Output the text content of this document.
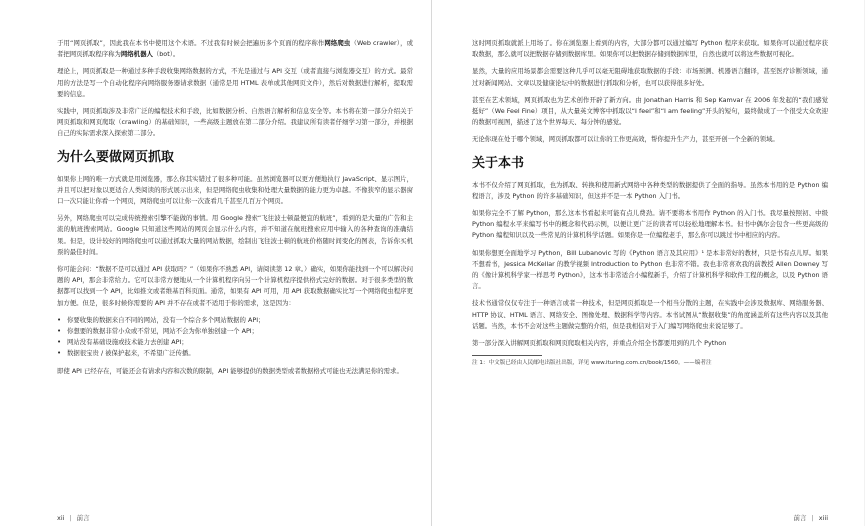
于用“网页抓取”，因此我在本书中使用这个术语。不过我有时候会把遍历多个页面的程序称作网络爬虫（Web crawler），或者把网页抓取程序称为网络机器人（bot）。

理论上，网页抓取是一种通过多种手段收集网络数据的方式，不光是通过与 API 交互（或者直接与浏览器交互）的方式。最常用的方法是写一个自动化程序向网络服务器请求数据（通常是用 HTML 表单或其他网页文件），然后对数据进行解析，提取需要的信息。

实践中，网页抓取涉及非常广泛的编程技术和手段，比如数据分析、自然语言解析和信息安全等。本书将在第一部分介绍关于网页抓取和网页爬取（crawling）的基础知识，一些高级主题放在第二部分介绍。我建议所有读者仔细学习第一部分，并根据自己的实际需求深入探索第二部分。

为什么要做网页抓取

如果你上网的唯一方式就是用浏览器，那么你其实错过了很多种可能。虽然浏览器可以更方便地执行 JavaScript、显示图片，并且可以把对象以更适合人类阅读的形式展示出来，但是网络爬虫收集和处理大量数据的能力更为卓越。不像狭窄的显示器窗口一次只能让你看一个网页，网络爬虫可以让你一次查看几千甚至几百万个网页。

另外，网络爬虫可以完成传统搜索引擎不能做的事情。用 Google 搜索“飞往波士顿最便宜的航班”，看到的是大量的广告和主流的航班搜索网站。Google 只知道这些网站的网页会显示什么内容，并不知道在航班搜索应用中输入的各种查询的准确结果。但是，设计较好的网络爬虫可以通过抓取大量的网站数据，绘制出飞往波士顿的航班价格随时间变化的图表，告诉你买机票的最佳时间。

你可能会问：“数据不是可以通过 API 获取吗？”（如果你不熟悉 API，请阅读第 12 章。）确实，如果你能找到一个可以解决问题的 API，那会非常给力。它可以非常方便地从一个计算机程序向另一个计算机程序提供格式完好的数据。对于很多类型的数据都可以找到一个 API，比如推文或者维基百科页面。通常，如果有 API 可用，用 API 获取数据确实比写一个网络爬虫程序更加方便。但是，很多时候你需要的 API 并不存在或者不适用于你的需求，这是因为：

• 你要收集的数据来自不同的网站，没有一个综合多个网站数据的 API；
• 你想要的数据非常小众或不常见，网站不会为你单独创建一个 API；
• 网站没有基础设施或技术能力去创建 API；
• 数据很宝贵 / 被保护起来，不希望广泛传播。

即使 API 已经存在，可能还会有请求内容和次数的限制，API 能够提供的数据类型或者数据格式可能也无法满足你的需求。

xii | 前言

这时网页抓取就派上用场了。你在浏览器上看到的内容，大部分都可以通过编写 Python 程序来获取。如果你可以通过程序获取数据，那么就可以把数据存储到数据库里。如果你可以把数据存储到数据库里，自然也就可以将这些数据可视化。

显然，大量的应用场景都会需要这种几乎可以毫无阻碍地获取数据的手段：市场预测、机器语言翻译，甚至医疗诊断领域，通过对新闻网站、文章以及健康论坛中的数据进行抓取和分析，也可以获得很多好处。

甚至在艺术领域，网页抓取也为艺术创作开辟了新方向。由 Jonathan Harris 和 Sep Kamvar 在 2006 年发起的“我们感觉挺好”（We Feel Fine）项目，从大量英文博客中抓取以“I feel”和“I am feeling”开头的短句，最终做成了一个很受大众欢迎的数据可视图，描述了这个世界每天、每分钟的感觉。

无论你现在处于哪个领域，网页抓取都可以让你的工作更高效，帮你提升生产力，甚至开创一个全新的领域。

关于本书

本书不仅介绍了网页抓取，也为抓取、转换和使用新式网络中各种类型的数据提供了全面的指导。虽然本书用的是 Python 编程语言，涉及 Python 的许多基础知识，但这并不是一本 Python 入门书。

如果你完全不了解 Python，那么这本书看起来可能有点儿费劲。请不要将本书用作 Python 的入门书。我尽量按照初、中级 Python 编程水平来编写书中的概念和代码示例，以便让更广泛的读者可以轻松地理解本书。但书中偶尔会包含一些更高级的 Python 编程知识以及一些常见的计算机科学话题。如果你是一位编程老手，那么你可以跳过书中相应的内容。

如果你想更全面地学习 Python，Bill Lubanovic 写的《Python 语言及其应用》¹ 是本非常好的教材，只是书有点儿厚。如果不想看书，Jessica McKellar 的教学视频 Introduction to Python 也非常不错。我也非常喜欢我的前教授 Allen Downey 写的《像计算机科学家一样思考 Python》，这本书非常适合小编程新手，介绍了计算机科学和软件工程的概念，以及 Python 语言。

技术书通常仅仅专注于一种语言或者一种技术，但是网页抓取是一个相当分散的主题，在实践中会涉及数据库、网络服务器、HTTP 协议、HTML 语言、网络安全、图像处理、数据科学等内容。本书试图从“数据收集”的角度涵盖所有这些内容以及其他话题。当然，本书不会对这些主题做完整的介绍，但是我相信对于入门编写网络爬虫来说足够了。

第一部分深入讲解网页抓取和网页爬取相关内容，并重点介绍全书都要用到的几个 Python

注 1：中文版已经由人民邮电出版社出版，详见 www.ituring.com.cn/book/1560。——编者注

前言 | xiii
